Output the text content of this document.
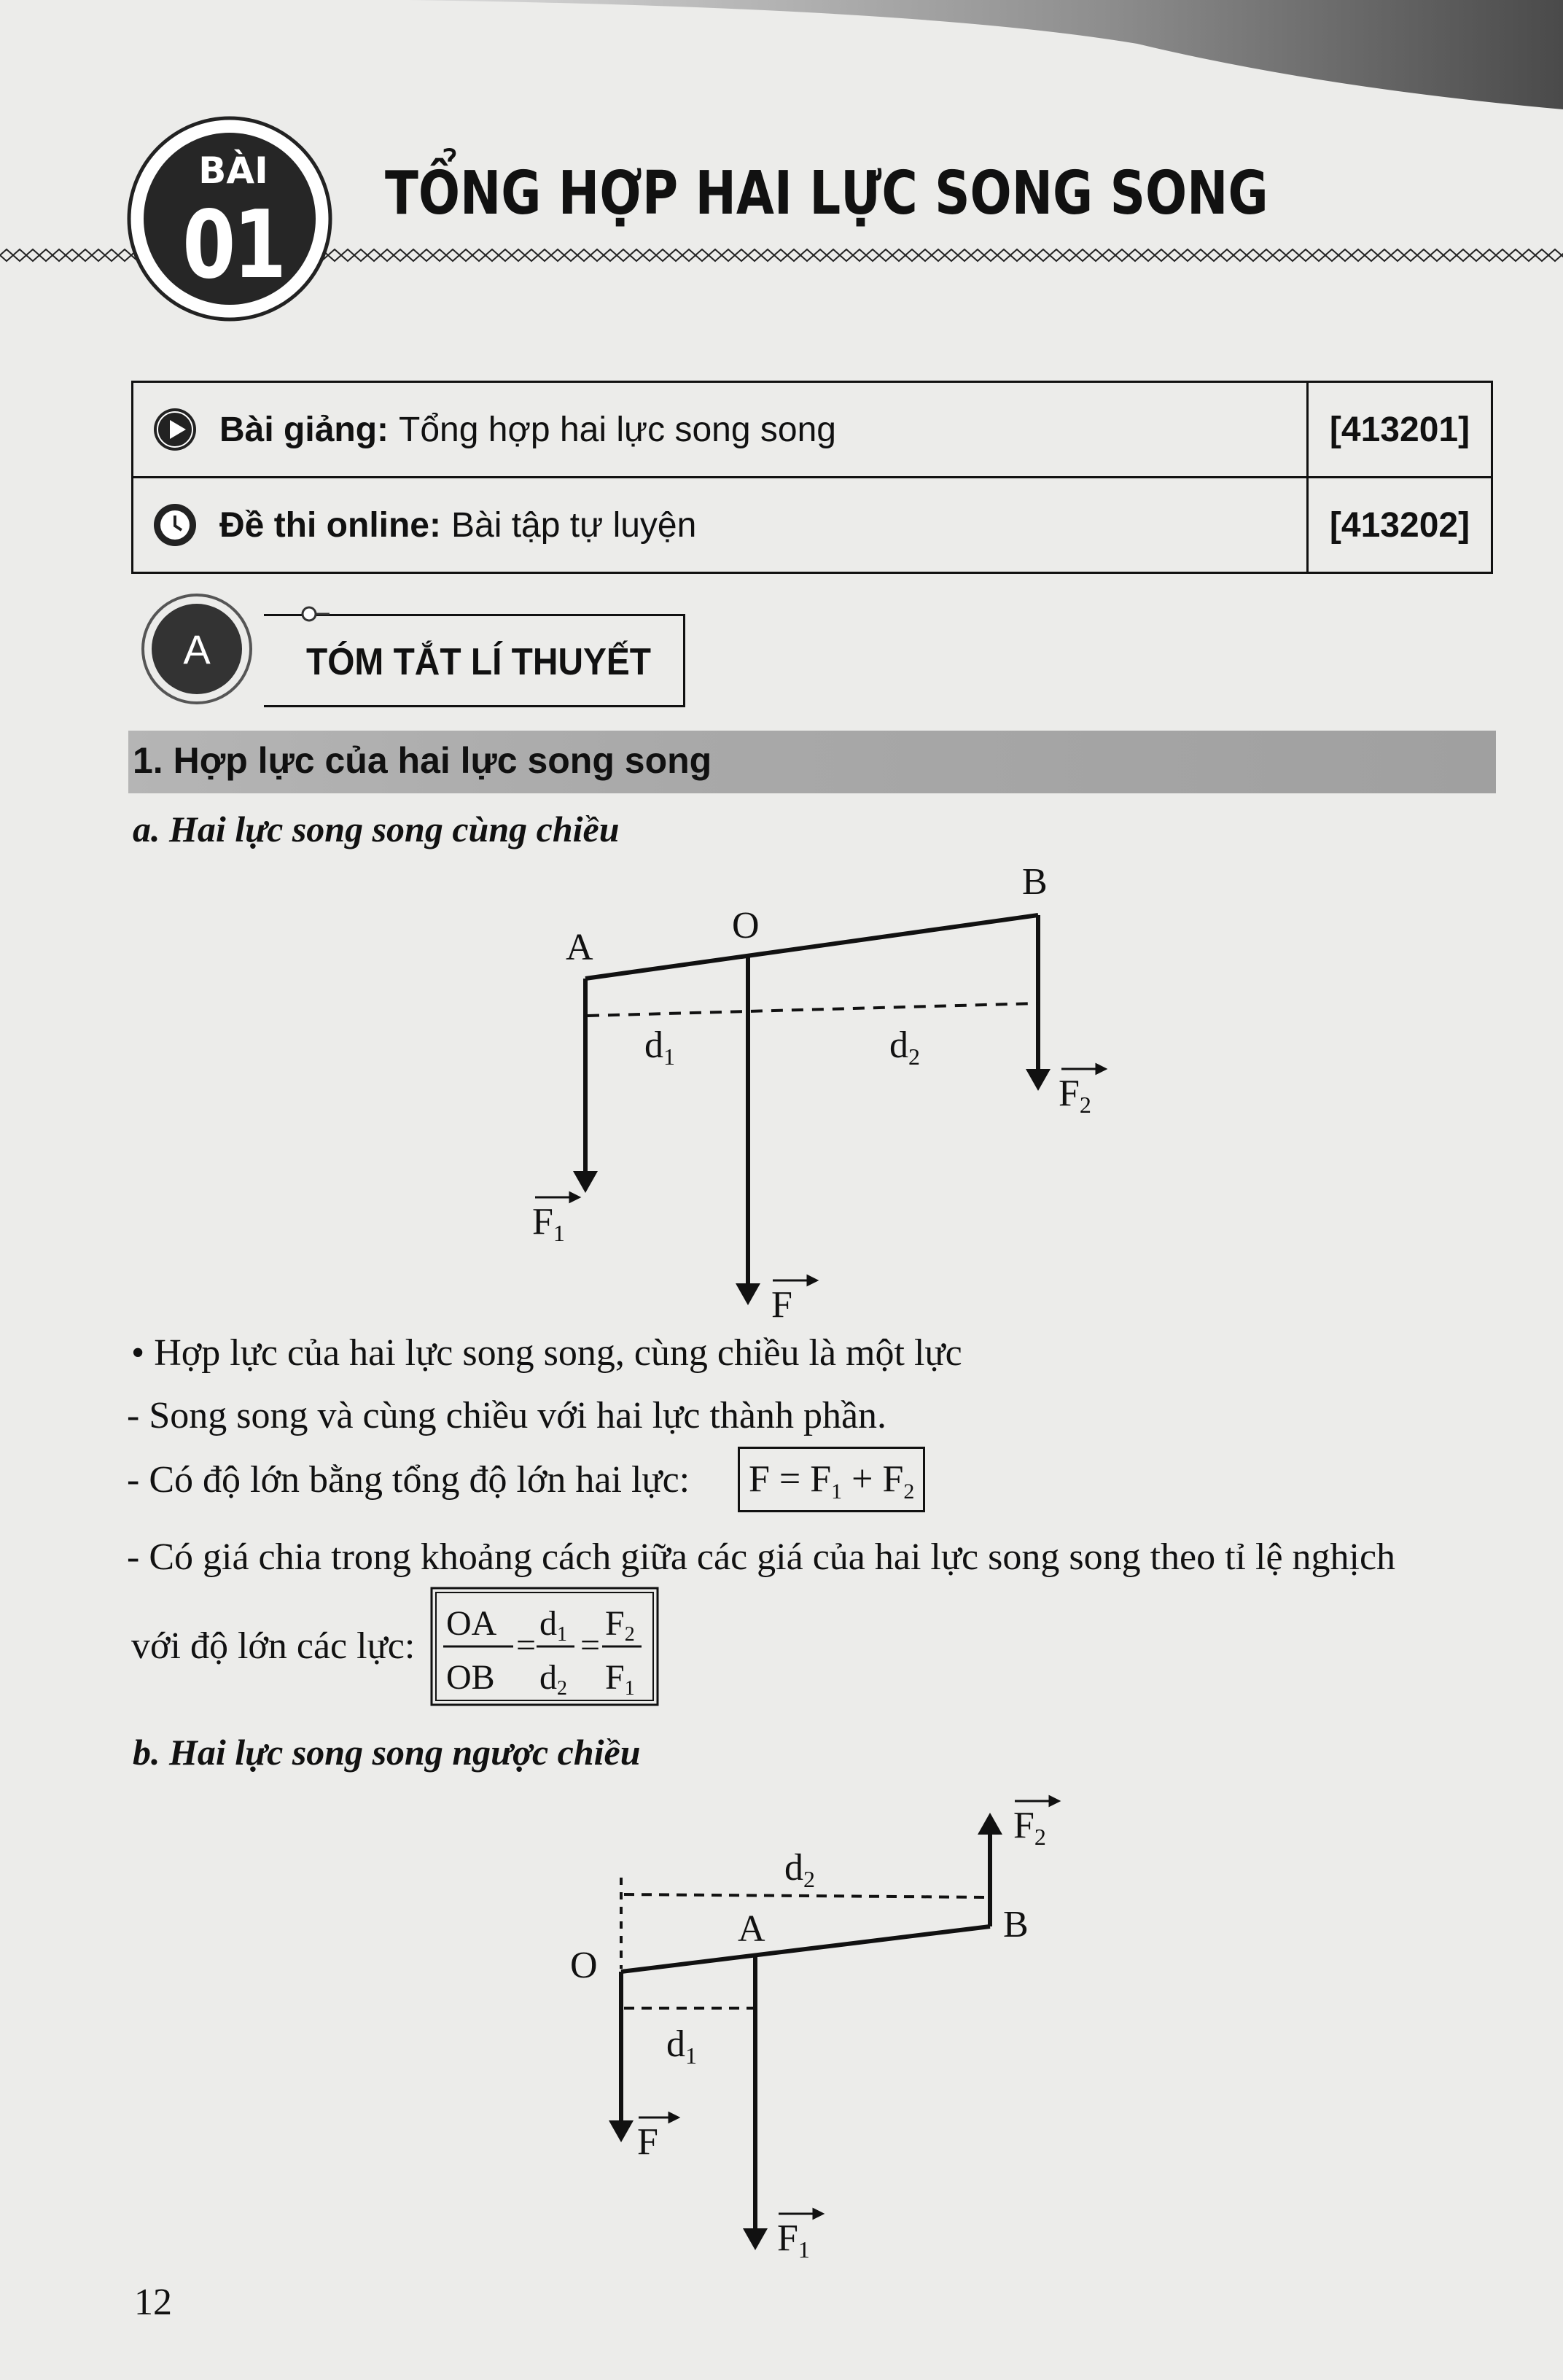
BÀI
01	TỔNG HỢP HAI LỰC SONG SONG
Bài giảng: Tổng hợp hai lực song song	[413201]
Đề thi online: Bài tập tự luyện	[413202]
A	TÓM TẮT LÍ THUYẾT
1. Hợp lực của hai lực song song
a. Hai lực song song cùng chiều
A
O
B
d1	d2
F1
F
F2
O
A	B
d2
d1
F
F1
F2
• Hợp lực của hai lực song song, cùng chiều là một lực
- Song song và cùng chiều với hai lực thành phần.
- Có độ lớn bằng tổng độ lớn hai lực: $F = F_1 + F_2$
- Có giá chia trong khoảng cách giữa các giá của hai lực song song theo tỉ lệ nghịch
với độ lớn các lực:
OA
OB
=
d1
d2
=
F2
F1
b. Hai lực song song ngược chiều
12
